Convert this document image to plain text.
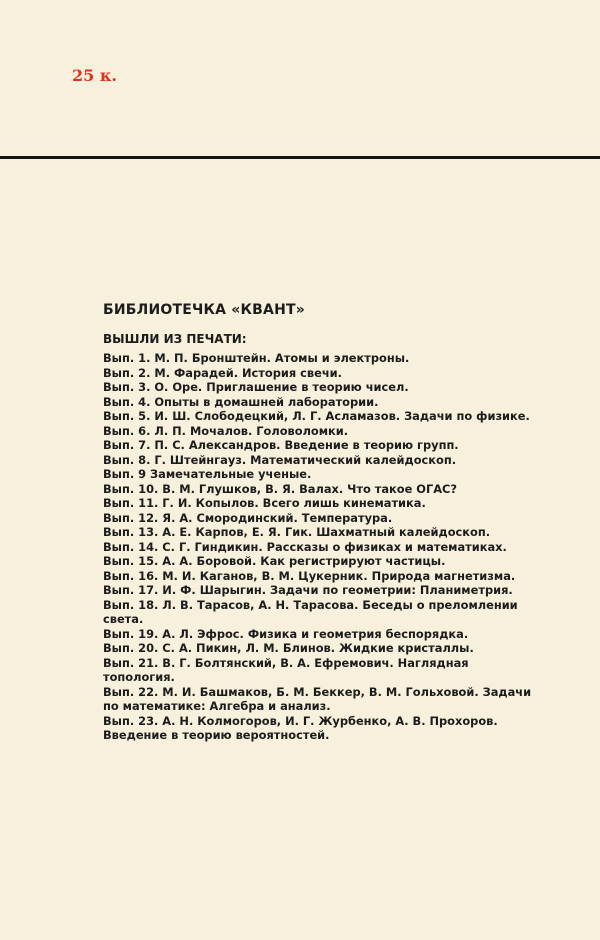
25 к.
БИБЛИОТЕЧКА «КВАНТ»
ВЫШЛИ ИЗ ПЕЧАТИ:
Вып. 1. М. П. Бронштейн. Атомы и электроны.
Вып. 2. М. Фарадей. История свечи.
Вып. 3. О. Оре. Приглашение в теорию чисел.
Вып. 4. Опыты в домашней лаборатории.
Вып. 5. И. Ш. Слободецкий, Л. Г. Асламазов. Задачи по физике.
Вып. 6. Л. П. Мочалов. Головоломки.
Вып. 7. П. С. Александров. Введение в теорию групп.
Вып. 8. Г. Штейнгауз. Математический калейдоскоп.
Вып. 9 Замечательные ученые.
Вып. 10. В. М. Глушков, В. Я. Валах. Что такое ОГАС?
Вып. 11. Г. И. Копылов. Всего лишь кинематика.
Вып. 12. Я. А. Смородинский. Температура.
Вып. 13. А. Е. Карпов, Е. Я. Гик. Шахматный калейдоскоп.
Вып. 14. С. Г. Гиндикин. Рассказы о физиках и математиках.
Вып. 15. А. А. Боровой. Как регистрируют частицы.
Вып. 16. М. И. Каганов, В. М. Цукерник. Природа магнетизма.
Вып. 17. И. Ф. Шарыгин. Задачи по геометрии: Планиметрия.
Вып. 18. Л. В. Тарасов, А. Н. Тарасова. Беседы о преломлении света.
Вып. 19. А. Л. Эфрос. Физика и геометрия беспорядка.
Вып. 20. С. А. Пикин, Л. М. Блинов. Жидкие кристаллы.
Вып. 21. В. Г. Болтянский, В. А. Ефремович. Наглядная топология.
Вып. 22. М. И. Башмаков, Б. М. Беккер, В. М. Гольховой. Задачи по математике: Алгебра и анализ.
Вып. 23. А. Н. Колмогоров, И. Г. Журбенко, А. В. Прохоров. Введение в теорию вероятностей.
